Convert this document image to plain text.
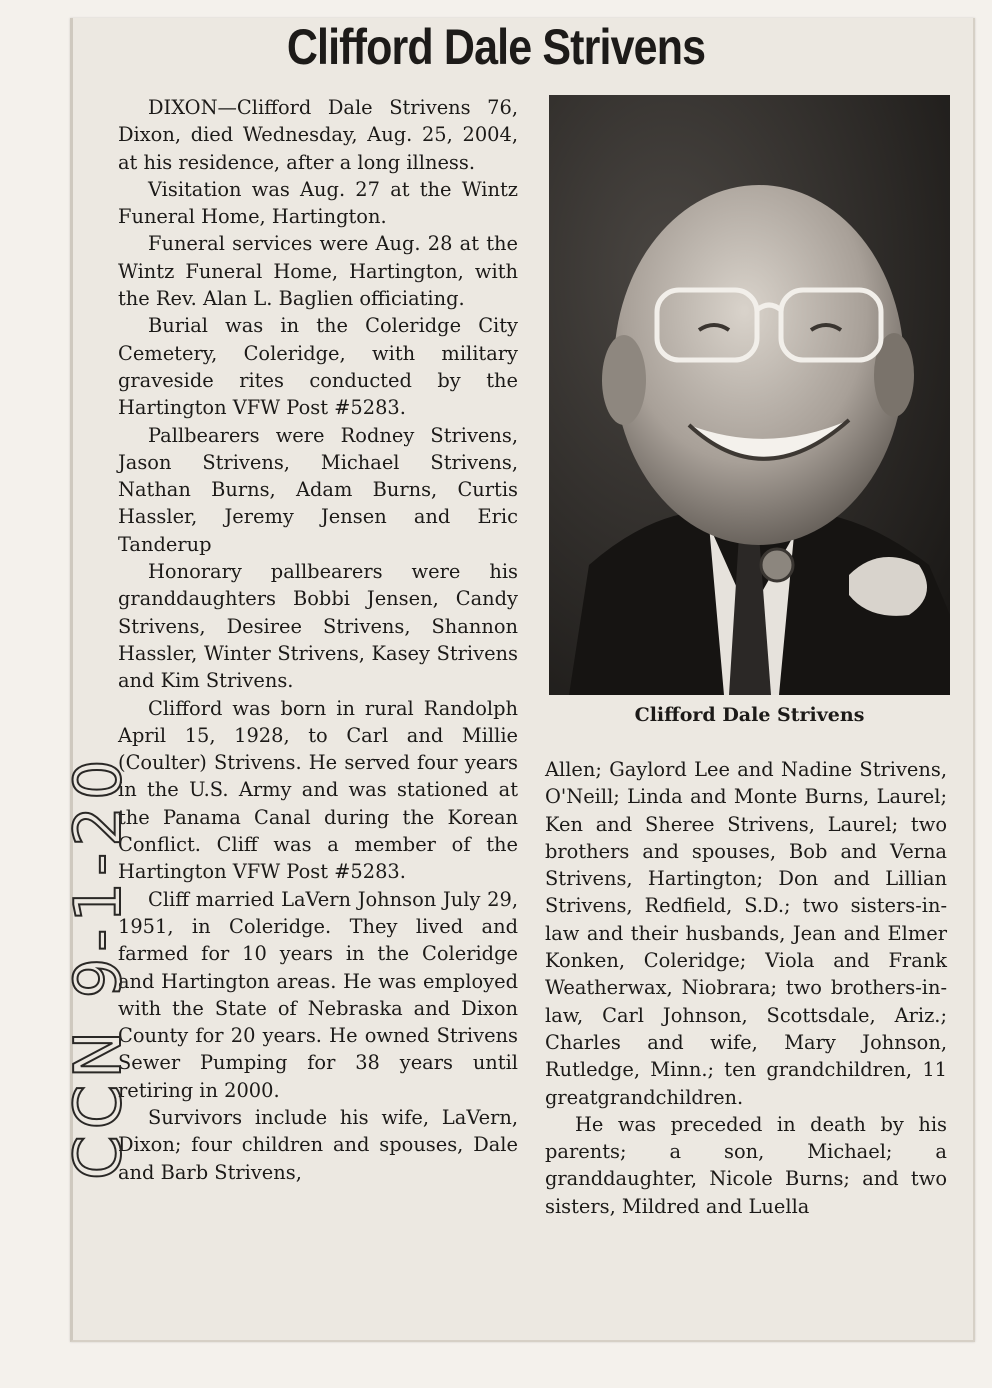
Clifford Dale Strivens

DIXON—Clifford Dale Strivens 76, Dixon, died Wednesday, Aug. 25, 2004, at his residence, after a long illness.

Visitation was Aug. 27 at the Wintz Funeral Home, Hartington.

Funeral services were Aug. 28 at the Wintz Funeral Home, Hartington, with the Rev. Alan L. Baglien officiating.

Burial was in the Coleridge City Cemetery, Coleridge, with military graveside rites conducted by the Hartington VFW Post #5283.

Pallbearers were Rodney Strivens, Jason Strivens, Michael Strivens, Nathan Burns, Adam Burns, Curtis Hassler, Jeremy Jensen and Eric Tanderup

Honorary pallbearers were his granddaughters Bobbi Jensen, Candy Strivens, Desiree Strivens, Shannon Hassler, Winter Strivens, Kasey Strivens and Kim Strivens.

Clifford was born in rural Randolph April 15, 1928, to Carl and Millie (Coulter) Strivens. He served four years in the U.S. Army and was stationed at the Panama Canal during the Korean Conflict. Cliff was a member of the Hartington VFW Post #5283.

Cliff married LaVern Johnson July 29, 1951, in Coleridge. They lived and farmed for 10 years in the Coleridge and Hartington areas. He was employed with the State of Nebraska and Dixon County for 20 years. He owned Strivens Sewer Pumping for 38 years until retiring in 2000.

Survivors include his wife, LaVern, Dixon; four children and spouses, Dale and Barb Strivens,

Clifford Dale Strivens

Allen; Gaylord Lee and Nadine Strivens, O'Neill; Linda and Monte Burns, Laurel; Ken and Sheree Strivens, Laurel; two brothers and spouses, Bob and Verna Strivens, Hartington; Don and Lillian Strivens, Redfield, S.D.; two sisters-in-law and their husbands, Jean and Elmer Konken, Coleridge; Viola and Frank Weatherwax, Niobrara; two brothers-in-law, Carl Johnson, Scottsdale, Ariz.; Charles and wife, Mary Johnson, Rutledge, Minn.; ten grandchildren, 11 greatgrandchildren.

He was preceded in death by his parents; a son, Michael; a granddaughter, Nicole Burns; and two sisters, Mildred and Luella

CCN 9-1-2004
